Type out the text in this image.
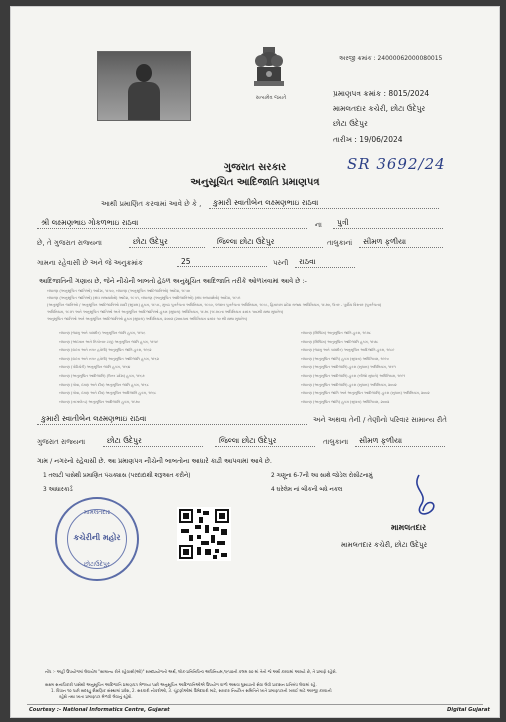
સત્યમેવ જયતે
અરજી ક્રમાંક : 24000062000080015
પ્રમાણપત્ર ક્રમાંક : 8015/2024
મામલતદાર કચેરી, છોટા ઉદેપુર
છોટા ઉદેપુર
તારીખ : 19/06/2024
SR 3692/24
ગુજરાત સરકાર
અનુસૂચિત આદિજાતિ પ્રમાણપત્ર
આથી પ્રમાણિત કરવામાં આવે છે કે ,	કુમારી સ્વાતીબેન લક્ષ્મણભાઇ રાઠવા
શ્રી લક્ષ્મણભાઇ ગોકળભાઇ રાઠવા	ના	પુત્રી
છે, તે ગુજરાત રાજ્યના	છોટા ઉદેપુર	જિલ્લા છોટા ઉદેપુર	તાલુકાનાં	સીમળ ફળીયા
ગામના રહેવાસી છે અને જે અનુક્રમાંક	25	પરની	રાઠવા
આદિજાતિની ગણાય છે, જેને નીચેની બાબતો હેઠળ અનુસૂચિત આદિજાતિ તરીકે ઓળખવામાં આવે છે :-
બંધારણ (અનુસૂચિત જાતિઓ) આદેશ, ૧૯૫૦, બંધારણ (અનુસૂચિત આદિજાતિઓ) આદેશ, ૧૯૫૦
બંધારણ (અનુસૂચિત જાતિઓ) (સંઘ રાજ્યક્ષેત્રો) આદેશ, ૧૯૫૧, બંધારણ (અનુસૂચિત આદિજાતિઓ) (સંઘ રાજ્યક્ષેત્રો) આદેશ, ૧૯૫૧
(અનુસૂચિત જાતિઓ / અનુસૂચિત આદિજાતિઓ યાદી (સુધારા) હુકમ, ૧૯૫૬, મુંબઇ પુનર્રચના અધિનિયમ, ૧૯૬૦, પંજાબ પુનર્રચના અધિનિયમ, ૧૯૬૬, હિમાચલ પ્રદેશ રાજ્ય અધિનિયમ, ૧૯૭૦, ઉત્તર - પૂર્વીય વિસ્તાર (પુનર્રચના)
અધિનિયમ, ૧૯૭૧ અને અનુસૂચિત જાતિઓ અને અનુસૂચિત આદિજાતિઓ હુકમ (સુધારા) અધિનિયમ, ૧૯૭૬ (૧૯૭૬ના અધિનિયમ ક્રમાંક ૧૦૮થી યથા સુધારેલ)
અનુસૂચિત જાતિઓ અને અનુસૂચિત આદિજાતિઓ હુકમ (સુધારા) અધિનિયમ, ૨૦૦૨ (૨૦૦૩ના અધિનિયમ ક્રમાંક ૧૦ થી યથા સુધારેલ)
બંધારણ (જમ્મુ અને કાશ્મીર) અનુસૂચિત જાતિ હુકમ, ૧૯૫૬
બંધારણ (અંદમાન અને નિકોબાર ટાપુ) અનુસૂચિત જાતિ હુકમ, ૧૯૫૯
બંધારણ (દાદરા અને નગર હવેલી) અનુસૂચિત જાતિ હુકમ, ૧૯૬૨
બંધારણ (દાદરા અને નગર હવેલી) અનુસૂચિત આદિજાતિ હુકમ, ૧૯૬૨
બંધારણ (પોંડિચેરી) અનુસૂચિત જાતિ હુકમ, ૧૯૬૪
બંધારણ (અનુસૂચિત આદિજાતિ) (ઉત્તર પ્રદેશ) હુકમ, ૧૯૬૭
બંધારણ (ગોવા, દમણ અને દીવ) અનુસૂચિત જાતિ હુકમ, ૧૯૬૮
બંધારણ (ગોવા, દમણ અને દીવ) અનુસૂચિત આદિજાતિ હુકમ, ૧૯૬૮
બંધારણ (નાગાલેન્ડ) અનુસૂચિત આદિજાતિ હુકમ, ૧૯૭૦
બંધારણ (સિક્કિમ) અનુસૂચિત જાતિ હુકમ, ૧૯૭૮
બંધારણ (સિક્કિમ) અનુસૂચિત આદિજાતિ હુકમ, ૧૯૭૮
બંધારણ (જમ્મુ અને કાશ્મીર) અનુસૂચિત આદિજાતિ હુકમ, ૧૯૮૯
બંધારણ (અનુસૂચિત જાતિ) હુકમ (સુધારા) અધિનિયમ, ૧૯૯૦
બંધારણ (અનુસૂચિત આદિજાતિ) હુકમ (સુધારા) અધિનિયમ, ૧૯૯૧
બંધારણ (અનુસૂચિત આદિજાતિ) હુકમ (બીજો સુધારો) અધિનિયમ, ૧૯૯૧
બંધારણ (અનુસૂચિત આદિજાતિ) હુકમ (સુધારા) અધિનિયમ, ૨૦૦૨
બંધારણ (અનુસૂચિત જાતિ અને અનુસૂચિત આદિજાતિ) હુકમ (સુધારા) અધિનિયમ, ૨૦૦૨
બંધારણ (અનુસૂચિત જાતિ) હુકમ (સુધારા) અધિનિયમ, ૨૦૦૨
કુમારી સ્વાતીબેન લક્ષ્મણભાઇ રાઠવા	અને અથવા તેની / તેણીનો પરિવાર સામાન્ય રીતે
ગુજરાત રાજ્યના	છોટા ઉદેપુર	જિલ્લા છોટા ઉદેપુર	તાલુકાના	સીમળ ફળીયા
ગામ / નગરનો રહેવાસી છે. આ પ્રમાણપત્ર નીચેની બાબતોના આધારે કાઢી આપવામાં આવે છે.
1 તલાટી પાસેથી પ્રમાણિત પંચક્યાસ (પરદાદાથી શરૂઆત કરીને)	2 ગણૂના 6-7ની આ સાથે જોડેલ રોસીટનામું
3 આધારકાર્ડ	4 ઘરેલેમ નાં બીકની બધે નકલ
મામલતદાર
કચેરીની મહોર
છોટાઉદેપુર
મામલતદાર
મામલતદાર કચેરી, છોટા ઉદેપુર
નોંધ :- અહીં ઉપયોગમાં લેવાયેલ "સામાન્ય રીતે રહેવાસી(ઓ)" શબ્દપ્રયોગનો અર્થ, લોક-પ્રતિનિધિત્વ અધિનિયમ,૧૯૫૦ની કલમ ૨૦ માં તેનો જે અર્થ કરવામાં આવ્યો છે, તે પ્રમાણે રહેશે.
સક્ષમ સત્તાધિકારી પાસેથી અનુસૂચિત આદિજાતિ પ્રમાણપત્ર મેળવ્યા પછી અનુસૂચિત આદિજાતિઓએ ઉપયોગ વાળો અથવા ઘુસાડાની સેવા લેવી પ્રકાશન પ્રતિબંધ લેવામાં રહે.
1. વિધાન ૧૦ પછી સદરહુ શૈક્ષણિક સંસ્થામાં પ્રવેશ, 2. સરકારી નોકરીઓ, 3. ચૂંટણીઓમાં ઉમેદવારી માટે, સરકાર નિયંત્રિત સમિતિને ખાતે પ્રમાણપત્રની ખરાઈ માટે અરજી કરવાની
રહેશે તથા ખાતા પ્રમાણપત્ર મેળવી લેવાનું રહેશે.
Courtesy :- National Informatics Centre, Gujarat	Digital Gujarat
